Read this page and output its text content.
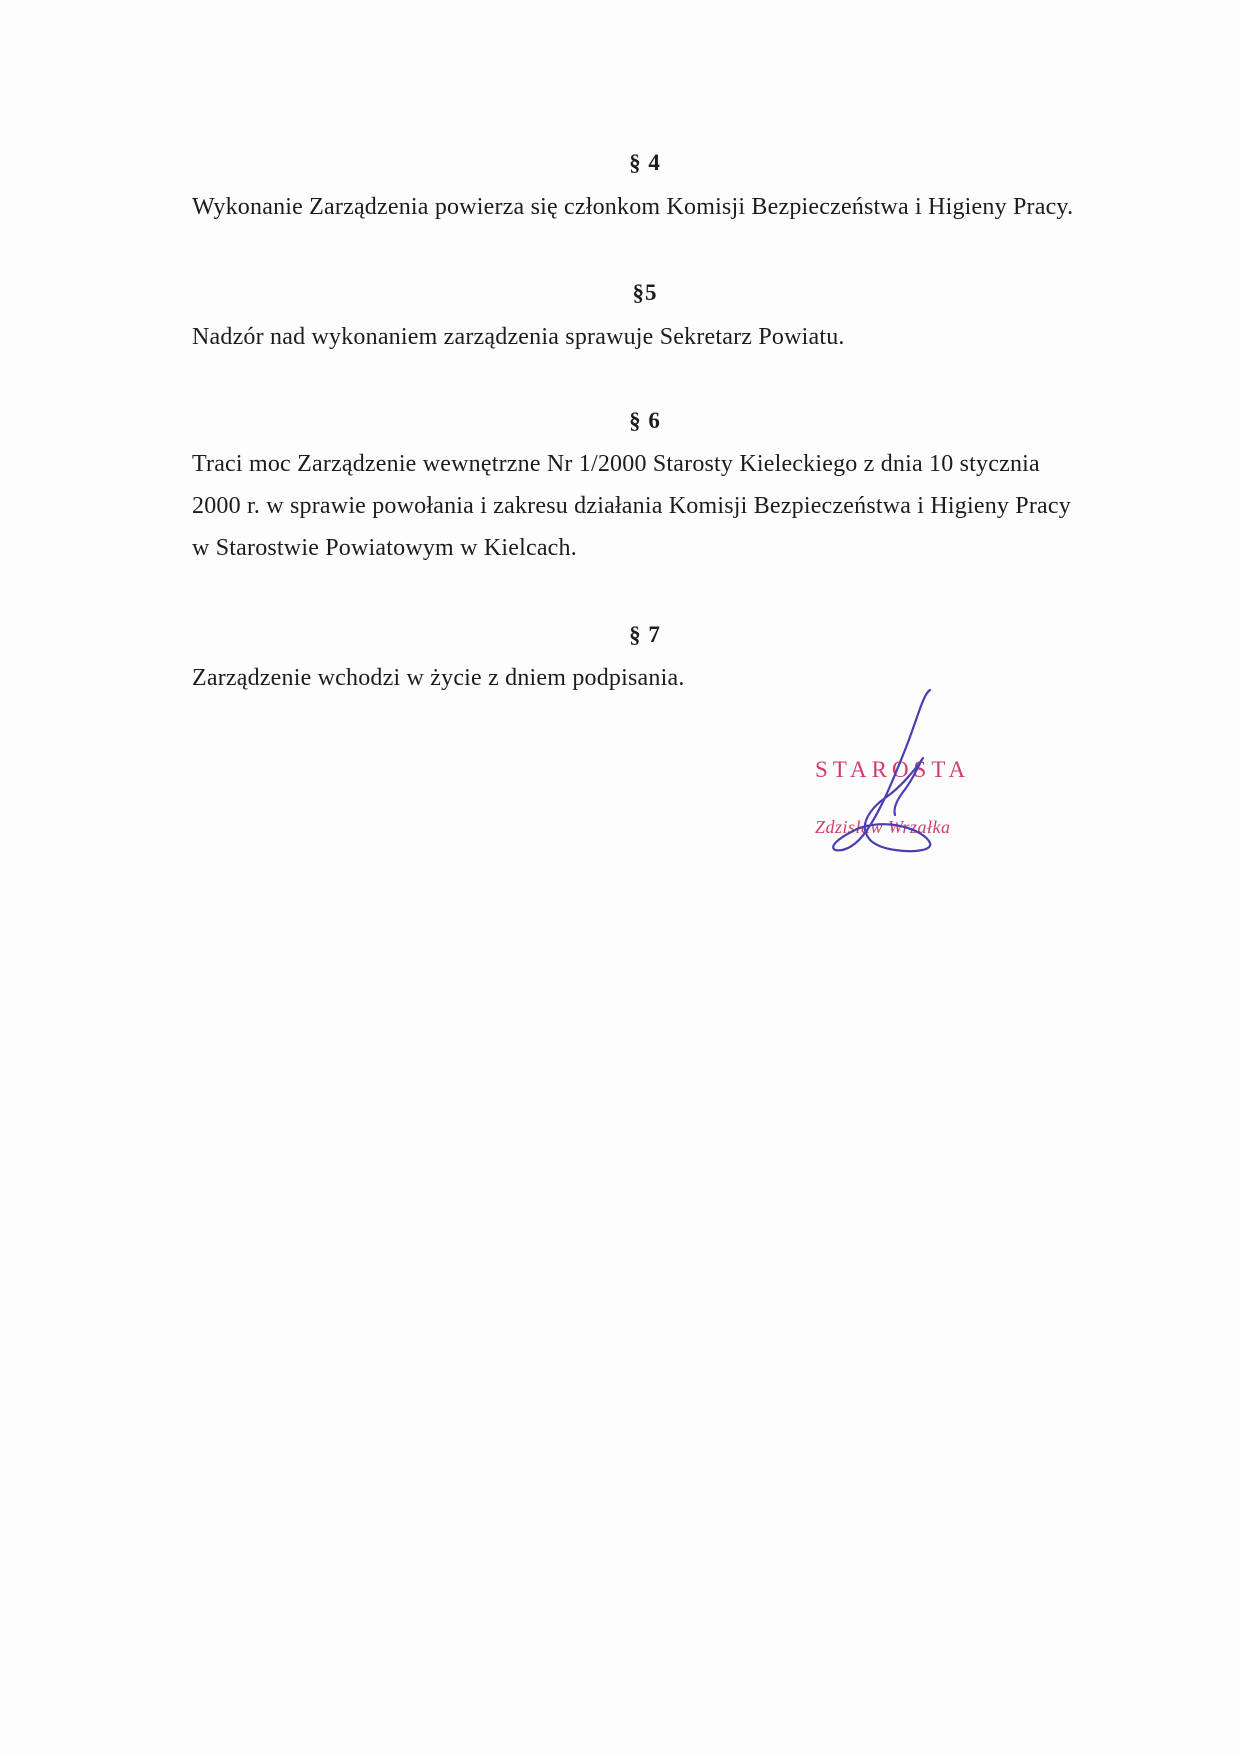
§ 4

Wykonanie Zarządzenia powierza się członkom Komisji Bezpieczeństwa i Higieny Pracy.

§5

Nadzór nad wykonaniem zarządzenia sprawuje Sekretarz Powiatu.

§ 6

Traci moc Zarządzenie wewnętrzne Nr 1/2000 Starosty Kieleckiego z dnia 10 stycznia
2000 r. w sprawie powołania i zakresu działania Komisji Bezpieczeństwa i Higieny Pracy
w Starostwie Powiatowym w Kielcach.

§ 7

Zarządzenie wchodzi w życie z dniem podpisania.

STAROSTA
Zdzisław Wrzałka
